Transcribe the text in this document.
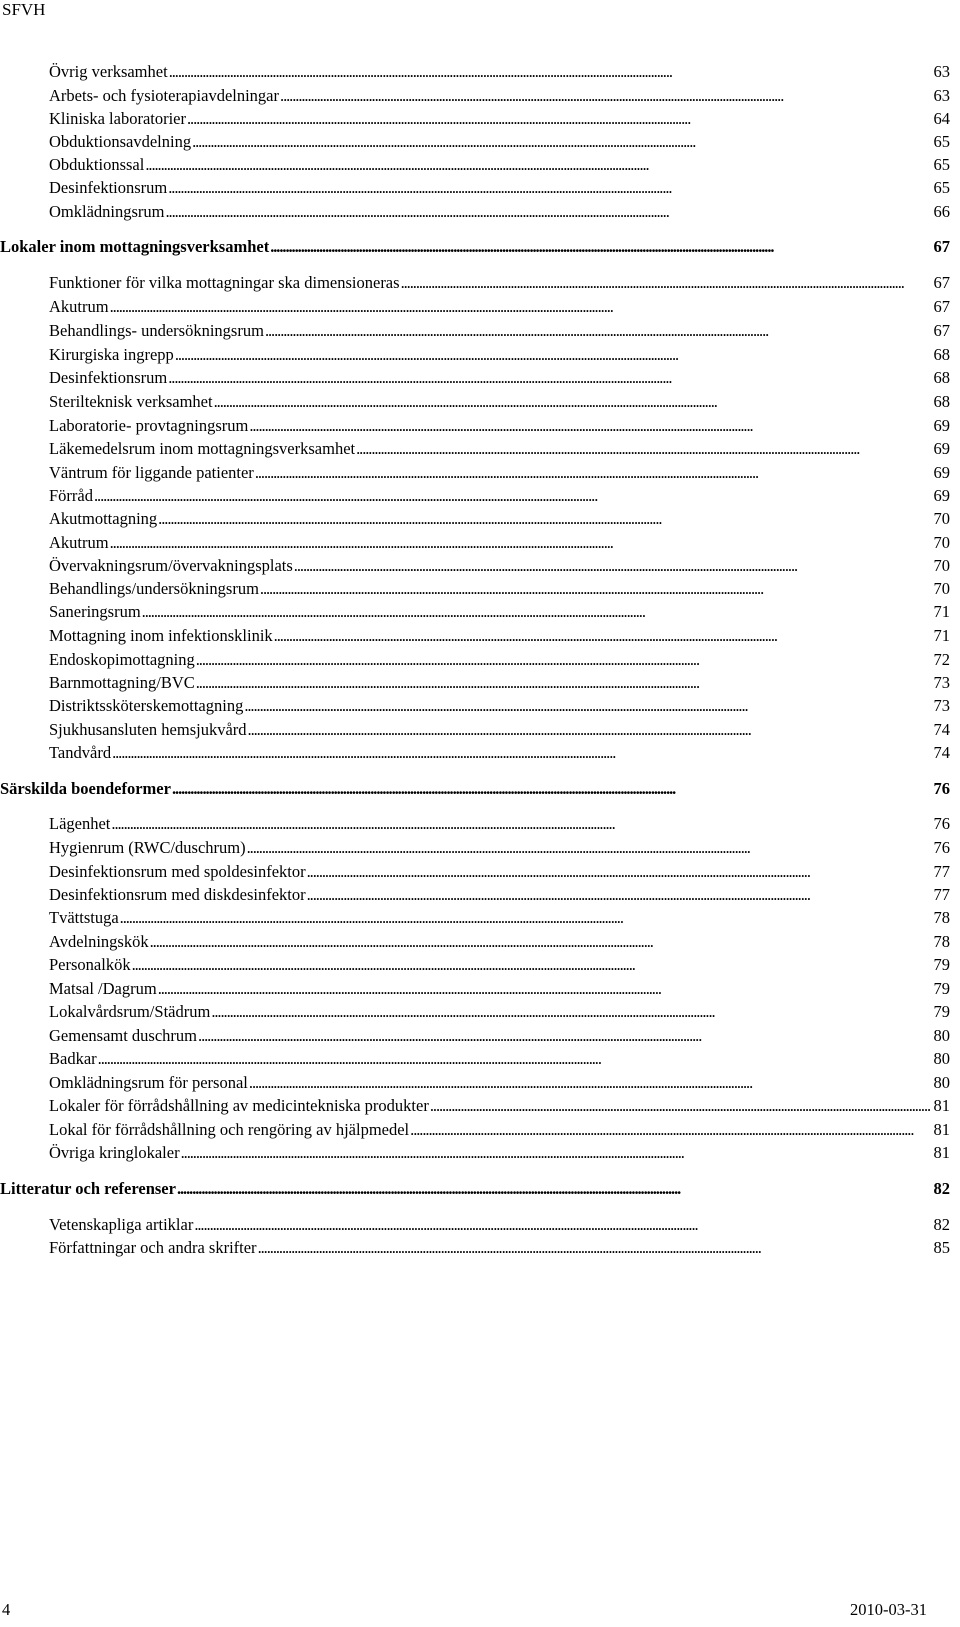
SFVH
Övrig verksamhet . . .	63
Arbets- och fysioterapiavdelningar . . .	63
Kliniska laboratorier . . .	64
Obduktionsavdelning . . .	65
Obduktionssal . . .	65
Desinfektionsrum . . .	65
Omklädningsrum . . .	66
Lokaler inom mottagningsverksamhet . . .	67
Funktioner för vilka mottagningar ska dimensioneras . . .	67
Akutrum . . .	67
Behandlings- undersökningsrum . . .	67
Kirurgiska ingrepp . . .	68
Desinfektionsrum . . .	68
Sterilteknisk verksamhet . . .	68
Laboratorie- provtagningsrum . . .	69
Läkemedelsrum inom mottagningsverksamhet . . .	69
Väntrum för liggande patienter . . .	69
Förråd . . .	69
Akutmottagning . . .	70
Akutrum . . .	70
Övervakningsrum/övervakningsplats . . .	70
Behandlings/undersökningsrum . . .	70
Saneringsrum . . .	71
Mottagning inom infektionsklinik . . .	71
Endoskopimottagning . . .	72
Barnmottagning/BVC . . .	73
Distriktssköterskemottagning . . .	73
Sjukhusansluten hemsjukvård . . .	74
Tandvård . . .	74
Särskilda boendeformer . . .	76
Lägenhet . . .	76
Hygienrum (RWC/duschrum) . . .	76
Desinfektionsrum med spoldesinfektor . . .	77
Desinfektionsrum med diskdesinfektor . . .	77
Tvättstuga . . .	78
Avdelningskök . . .	78
Personalkök . . .	79
Matsal /Dagrum . . .	79
Lokalvårdsrum/Städrum . . .	79
Gemensamt duschrum . . .	80
Badkar . . .	80
Omklädningsrum för personal . . .	80
Lokaler för förrådshållning av medicintekniska produkter . . .	81
Lokal för förrådshållning och rengöring av hjälpmedel . . .	81
Övriga kringlokaler . . .	81
Litteratur och referenser . . .	82
Vetenskapliga artiklar . . .	82
Författningar och andra skrifter . . .	85
4	2010-03-31
